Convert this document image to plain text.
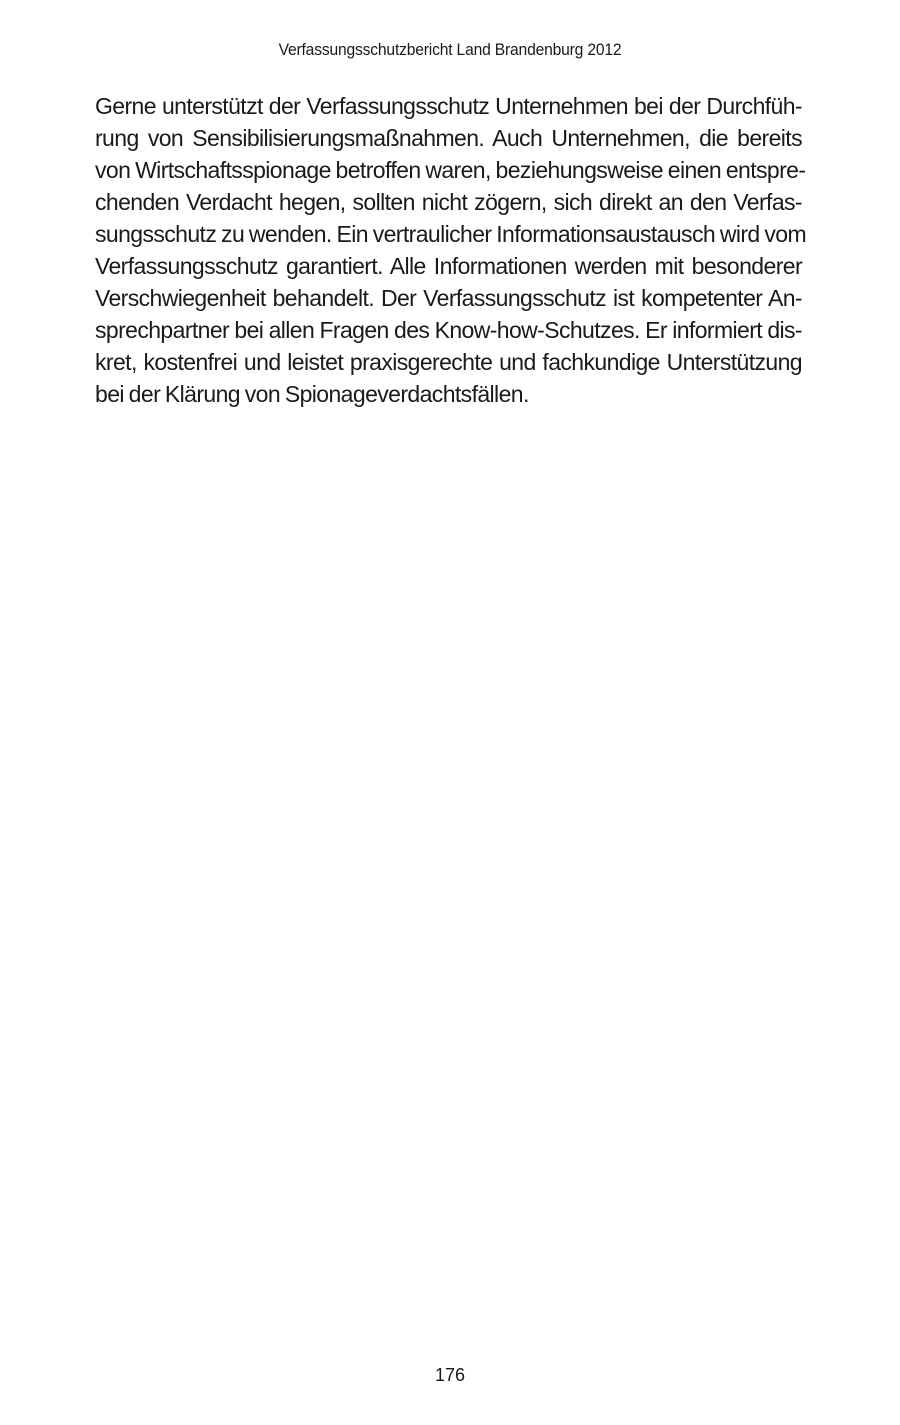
Verfassungsschutzbericht Land Brandenburg 2012
Gerne unterstützt der Verfassungsschutz Unternehmen bei der Durchfüh-
rung von Sensibilisierungsmaßnahmen. Auch Unternehmen, die bereits
von Wirtschaftsspionage betroffen waren, beziehungsweise einen entspre-
chenden Verdacht hegen, sollten nicht zögern, sich direkt an den Verfas-
sungsschutz zu wenden. Ein vertraulicher Informationsaustausch wird vom
Verfassungsschutz garantiert. Alle Informationen werden mit besonderer
Verschwiegenheit behandelt. Der Verfassungsschutz ist kompetenter An-
sprechpartner bei allen Fragen des Know-how-Schutzes. Er informiert dis-
kret, kostenfrei und leistet praxisgerechte und fachkundige Unterstützung
bei der Klärung von Spionageverdachtsfällen.
176
